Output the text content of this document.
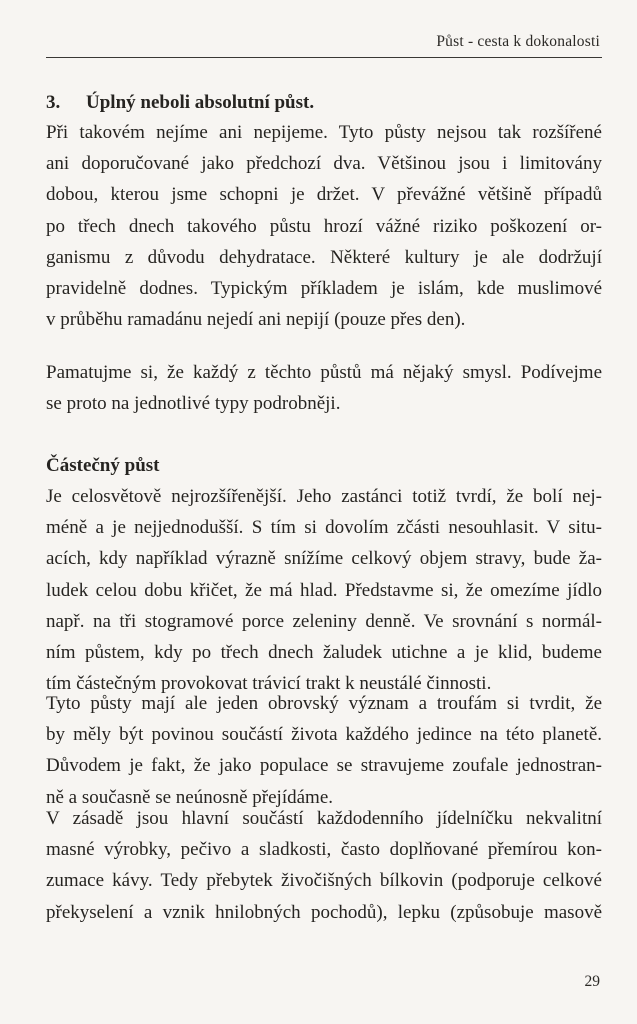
Půst - cesta k dokonalosti
3. Úplný neboli absolutní půst.
Při takovém nejíme ani nepijeme. Tyto půsty nejsou tak rozšířené
ani doporučované jako předchozí dva. Většinou jsou i limitovány
dobou, kterou jsme schopni je držet. V převážné většině případů
po třech dnech takového půstu hrozí vážné riziko poškození or-
ganismu z důvodu dehydratace. Některé kultury je ale dodržují
pravidelně dodnes. Typickým příkladem je islám, kde muslimové
v průběhu ramadánu nejedí ani nepijí (pouze přes den).
Pamatujme si, že každý z těchto půstů má nějaký smysl. Podívejme
se proto na jednotlivé typy podrobněji.
Částečný půst
Je celosvětově nejrozšířenější. Jeho zastánci totiž tvrdí, že bolí nej-
méně a je nejjednodušší. S tím si dovolím zčásti nesouhlasit. V situ-
acích, kdy například výrazně snížíme celkový objem stravy, bude ža-
ludek celou dobu křičet, že má hlad. Představme si, že omezíme jídlo
např. na tři stogramové porce zeleniny denně. Ve srovnání s normál-
ním půstem, kdy po třech dnech žaludek utichne a je klid, budeme
tím částečným provokovat trávicí trakt k neustálé činnosti.
Tyto půsty mají ale jeden obrovský význam a troufám si tvrdit, že
by měly být povinou součástí života každého jedince na této planetě.
Důvodem je fakt, že jako populace se stravujeme zoufale jednostran-
ně a současně se neúnosně přejídáme.
V zásadě jsou hlavní součástí každodenního jídelníčku nekvalitní
masné výrobky, pečivo a sladkosti, často doplňované přemírou kon-
zumace kávy. Tedy přebytek živočišných bílkovin (podporuje celkové
překyselení a vznik hnilobných pochodů), lepku (způsobuje masově
29
